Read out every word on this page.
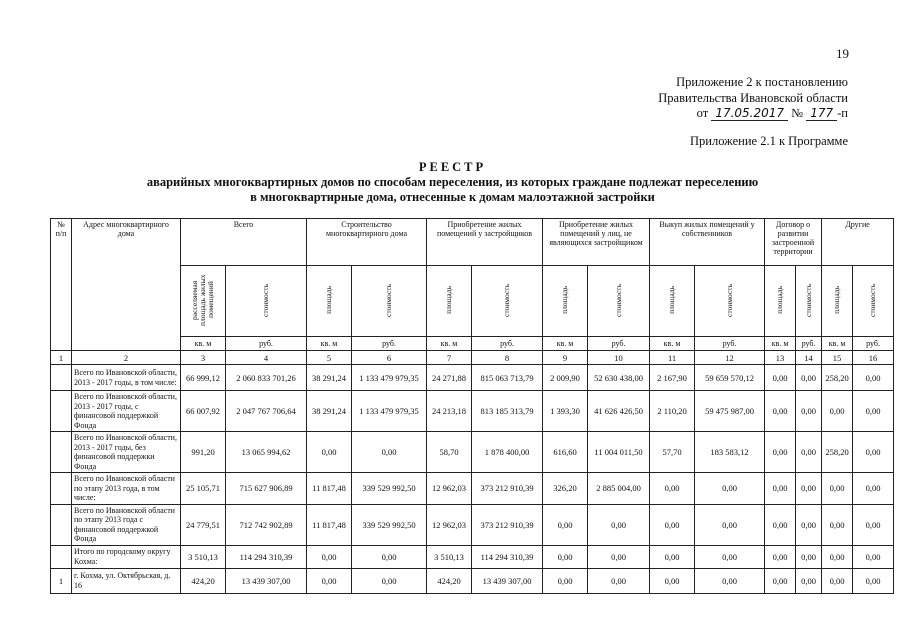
19
Приложение 2 к постановлению
Правительства Ивановской области
от 17.05.2017 № 177 -п
Приложение 2.1 к Программе
РЕЕСТР
аварийных многоквартирных домов по способам переселения, из которых граждане подлежат переселению
в многоквартирные дома, отнесенные к домам малоэтажной застройки
№ п/п	Адрес многоквартирного дома	Всего		Строительство многоквартирного дома		Приобретение жилых помещений у застройщиков		Приобретение жилых помещений у лиц, не являющихся застройщиком		Выкуп жилых помещений у собственников		Договор о развитии застроенной территории		Другие	
		расселяемая площадь жилых помещений	стоимость	площадь	стоимость	площадь	стоимость	площадь	стоимость	площадь	стоимость	площадь	стоимость	площадь	стоимость
		кв. м	руб.	кв. м	руб.	кв. м	руб.	кв. м	руб.	кв. м	руб.	кв. м	руб.	кв. м	руб.
1	2	3	4	5	6	7	8	9	10	11	12	13	14	15	16
	Всего по Ивановской области, 2013 - 2017 годы, в том числе:	66 999,12	2 060 833 701,26	38 291,24	1 133 479 979,35	24 271,88	815 063 713,79	2 009,90	52 630 438,00	2 167,90	59 659 570,12	0,00	0,00	258,20	0,00
	Всего по Ивановской области, 2013 - 2017 годы, с финансовой поддержкой Фонда	66 007,92	2 047 767 706,64	38 291,24	1 133 479 979,35	24 213,18	813 185 313,79	1 393,30	41 626 426,50	2 110,20	59 475 987,00	0,00	0,00	0,00	0,00
	Всего по Ивановской области, 2013 - 2017 годы, без финансовой поддержки Фонда	991,20	13 065 994,62	0,00	0,00	58,70	1 878 400,00	616,60	11 004 011,50	57,70	183 583,12	0,00	0,00	258,20	0,00
	Всего по Ивановской области по этапу 2013 года, в том числе:	25 105,71	715 627 906,89	11 817,48	339 529 992,50	12 962,03	373 212 910,39	326,20	2 885 004,00	0,00	0,00	0,00	0,00	0,00	0,00
	Всего по Ивановской области по этапу 2013 года с финансовой поддержкой Фонда	24 779,51	712 742 902,89	11 817,48	339 529 992,50	12 962,03	373 212 910,39	0,00	0,00	0,00	0,00	0,00	0,00	0,00	0,00
	Итого по городскому округу Кохма:	3 510,13	114 294 310,39	0,00	0,00	3 510,13	114 294 310,39	0,00	0,00	0,00	0,00	0,00	0,00	0,00	0,00
1	г. Кохма, ул. Октябрьская, д. 16	424,20	13 439 307,00	0,00	0,00	424,20	13 439 307,00	0,00	0,00	0,00	0,00	0,00	0,00	0,00	0,00
